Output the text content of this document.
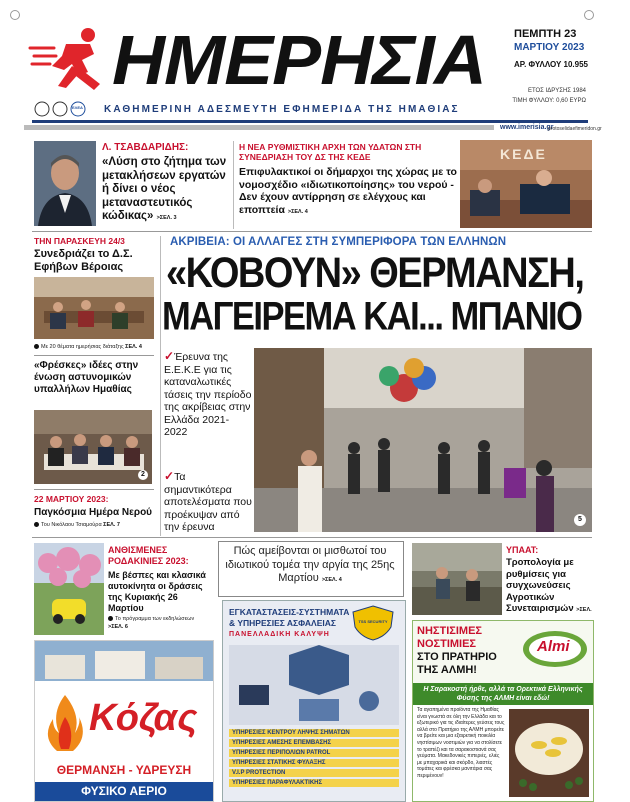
ΗΜΕΡΗΣΙΑ	ΠΕΜΠΤΗ 23
ΜΑΡΤΙΟΥ 2023
ΑΡ. ΦΥΛΛΟΥ 10.955
ΕΛΕΑ ΚΑΘΗΜΕΡΙΝΗ ΑΔΕΣΜΕΥΤΗ ΕΦΗΜΕΡΙΔΑ ΤΗΣ ΗΜΑΘΙΑΣ
ΕΤΟΣ ΙΔΡΥΣΗΣ 1984
ΤΙΜΗ ΦΥΛΛΟΥ: 0,60 ΕΥΡΩ
www.imerisia.gr
protoselidaefimeridon.gr
Λ. ΤΣΑΒΔΑΡΙΔΗΣ:
«Λύση στο ζήτημα των μετακλήσεων εργατών ή δίνει ο νέος μεταναστευτικός κώδικας» >ΣΕΛ. 3
Η ΝΕΑ ΡΥΘΜΙΣΤΙΚΗ ΑΡΧΗ ΤΩΝ ΥΔΑΤΩΝ ΣΤΗ ΣΥΝΕΔΡΙΑΣΗ ΤΟΥ ΔΣ ΤΗΣ ΚΕΔΕ
Επιφυλακτικοί οι δήμαρχοι της χώρας με το νομοσχέδιο «ιδιωτικοποίησης» του νερού - Δεν έχουν αντίρρηση σε ελέγχους και εποπτεία >ΣΕΛ. 4
ΚΕΔΕ
ΤΗΝ ΠΑΡΑΣΚΕΥΗ 24/3
Συνεδριάζει το Δ.Σ. Εφήβων Βέροιας
Με 20 θέματα ημερήσιας διάταξης ΣΕΛ. 4
«Φρέσκες» ιδέες στην ένωση αστυνομικών υπαλλήλων Ημαθίας
2
22 ΜΑΡΤΙΟΥ 2023:
Παγκόσμια Ημέρα Νερού
Του Νικόλαου Τσιαμούρα ΣΕΛ. 7
ΑΚΡΙΒΕΙΑ: ΟΙ ΑΛΛΑΓΕΣ ΣΤΗ ΣΥΜΠΕΡΙΦΟΡΑ ΤΩΝ ΕΛΛΗΝΩΝ
«ΚΟΒΟΥΝ» ΘΕΡΜΑΝΣΗ,
ΜΑΓΕΙΡΕΜΑ ΚΑΙ... ΜΠΑΝΙΟ
✓Έρευνα της Ε.Ε.Κ.Ε για τις καταναλωτικές τάσεις την περίοδο της ακρίβειας στην Ελλάδα 2021-2022
✓Τα σημαντικότερα αποτελέσματα που προέκυψαν από την έρευνα
5
ΑΝΘΙΣΜΕΝΕΣ ΡΟΔΑΚΙΝΙΕΣ 2023:
Με βέσπες και κλασικά αυτοκίνητα οι δράσεις της Κυριακής 26 Μαρτίου
Το πρόγραμμα των εκδηλώσεων
>ΣΕΛ. 6
Πώς αμείβονται οι μισθωτοί του ιδιωτικού τομέα την αργία της 25ης Μαρτίου >ΣΕΛ. 4
ΥΠΑΑΤ:
Τροπολογία με ρυθμίσεις για συγχωνεύσεις Αγροτικών Συνεταιρισμών >ΣΕΛ.
Κόζας
ΘΕΡΜΑΝΣΗ - ΥΔΡΕΥΣΗ
ΦΥΣΙΚΟ ΑΕΡΙΟ
ΕΓΚΑΤΑΣΤΑΣΕΙΣ-ΣΥΣΤΗΜΑΤΑ
& ΥΠΗΡΕΣΙΕΣ ΑΣΦΑΛΕΙΑΣ
ΠΑΝΕΛΛΑΔΙΚΗ ΚΑΛΥΨΗ
TSS SECURITY
ΥΠΗΡΕΣΙΕΣ ΚΕΝΤΡΟΥ ΛΗΨΗΣ ΣΗΜΑΤΩΝ
ΥΠΗΡΕΣΙΕΣ ΑΜΕΣΗΣ ΕΠΕΜΒΑΣΗΣ
ΥΠΗΡΕΣΙΕΣ ΠΕΡΙΠΟΛΙΩΝ PATROL
ΥΠΗΡΕΣΙΕΣ ΣΤΑΤΙΚΗΣ ΦΥΛΑΞΗΣ
V.I.P PROTECTION
ΥΠΗΡΕΣΙΕΣ ΠΑΡΑΦΥΛΑΚΤΙΚΗΣ
ΝΗΣΤΙΣΙΜΕΣ
ΝΟΣΤΙΜΙΕΣ
ΣΤΟ ΠΡΑΤΗΡΙΟ
ΤΗΣ ΑΛΜΗ!
Almi
Η Σαρακοστή ήρθε, αλλά τα Ορεκτικά Ελληνικής Φύσης της ΑΛΜΗ είναι εδώ!
Τα αγαπημένα προϊόντα της Ημαθίας είναι γνωστά σε όλη την Ελλάδα και το εξωτερικό για τις ιδιαίτερες γεύσεις τους αλλά στο Πρατήριο της ΑΛΜΗ μπορείτε να βρείτε και μια εξαιρετική ποικιλία νηστίσιμων νοστιμιών για να στολίσετε το τραπέζι και τα σαρακοστιανά σας γεύματα. Μακεδονικές πιπεριές, ελιές με μπαχαρικά και σκόρδο, λιαστές τομάτες και φρέσκα μανιτάρια σας περιμένουν!
